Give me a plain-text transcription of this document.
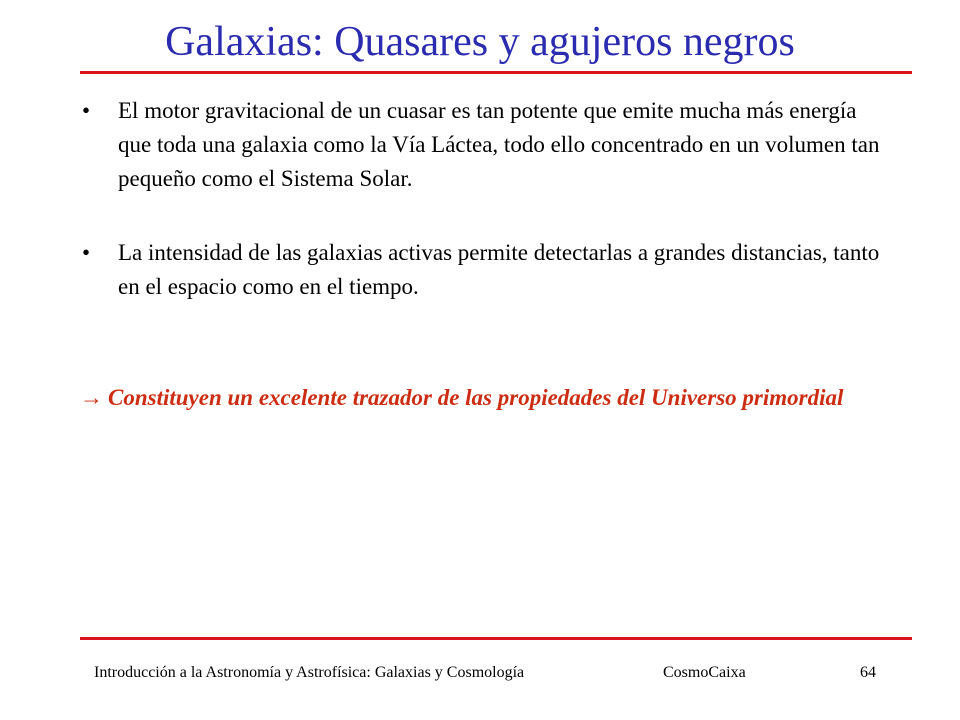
Galaxias: Quasares y agujeros negros
•	El motor gravitacional de un cuasar es tan potente que emite mucha más energía que toda una galaxia como la Vía Láctea, todo ello concentrado en un volumen tan pequeño como el Sistema Solar.
•	La intensidad de las galaxias activas permite detectarlas a grandes distancias, tanto en el espacio como en el tiempo.
→ Constituyen un excelente trazador de las propiedades del Universo primordial
Introducción a la Astronomía y Astrofísica: Galaxias y Cosmología	CosmoCaixa	64
